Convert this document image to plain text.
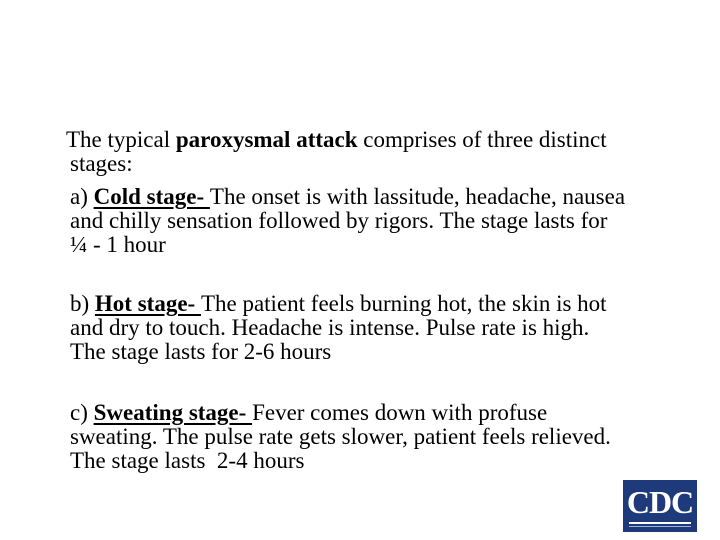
The typical paroxysmal attack comprises of three distinct
stages:

a) Cold stage- The onset is with lassitude, headache, nausea
and chilly sensation followed by rigors. The stage lasts for
¼ - 1 hour

b) Hot stage- The patient feels burning hot, the skin is hot
and dry to touch. Headache is intense. Pulse rate is high.
The stage lasts for 2-6 hours

c) Sweating stage- Fever comes down with profuse
sweating. The pulse rate gets slower, patient feels relieved.
The stage lasts  2-4 hours

CDC
